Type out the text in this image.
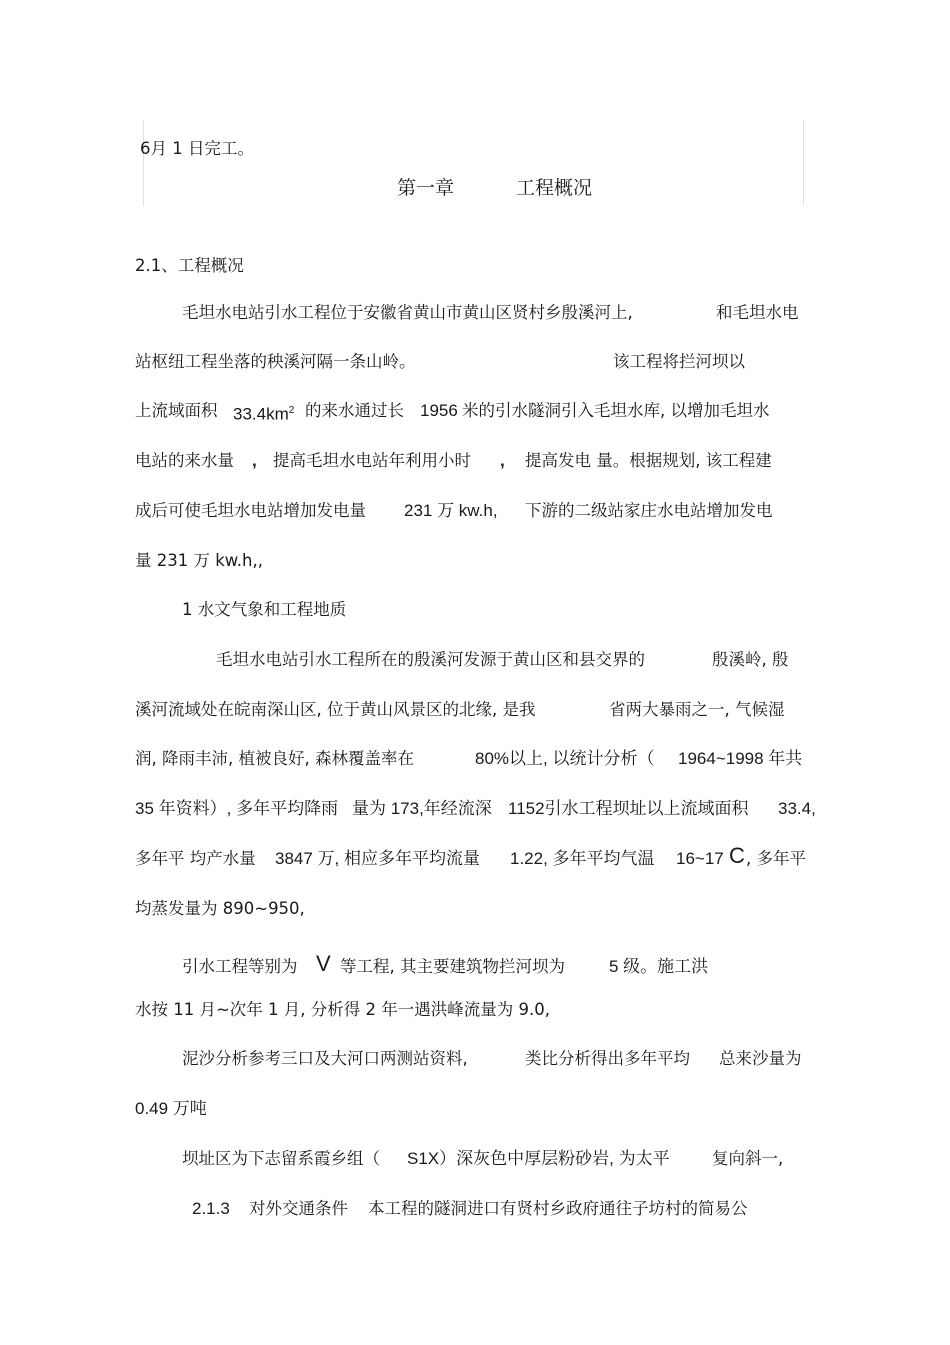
6月 1 日完工。
第一章	工程概况
2.1、工程概况
毛坦水电站引水工程位于安徽省黄山市黄山区贤村乡殷溪河上,	和毛坦水电
站枢纽工程坐落的秧溪河隔一条山岭。	该工程将拦河坝以
上流域面积 $33.4km^2$ 的来水通过长 1956 米的引水隧洞引入毛坦水库 , 以增加毛坦水
电站的来水量 , 提高毛坦水电站年利用小时 , 提高发电 量。根据规划, 该工程建
成后可使毛坦水电站增加发电量 231 万 kw.h, 下游的二级站家庄水电站增加发电
量 231 万 kw.h,,
1 水文气象和工程地质
毛坦水电站引水工程所在的殷溪河发源于黄山区和县交界的	殷溪岭, 殷
溪河流域处在皖南深山区, 位于黄山风景区的北缘, 是我	省两大暴雨之一, 气候湿
润, 降雨丰沛, 植被良好, 森林覆盖率在	80%以上, 以统计分析（ 1964~1998 年共
35 年资料）, 多年平均降雨 量为 173,年经流深 1152引水工程坝址以上流域面积 33.4,
多年平 均产水量 3847 万, 相应多年平均流量 1.22, 多年平均气温 16~17 C , 多年平
均蒸发量为 890~950,
引水工程等别为 V 等工程, 其主要建筑物拦河坝为	5 级。施工洪
水按 11 月~次年 1 月, 分析得 2 年一遇洪峰流量为 9.0,
泥沙分析参考三口及大河口两测站资料,	类比分析得出多年平均 总来沙量为
0.49 万吨
坝址区为下志留系霞乡组（ S1X）深灰色中厚层粉砂岩, 为太平	复向斜一,
2.1.3 对外交通条件 本工程的隧洞进口有贤村乡政府通往子坊村的简易公
